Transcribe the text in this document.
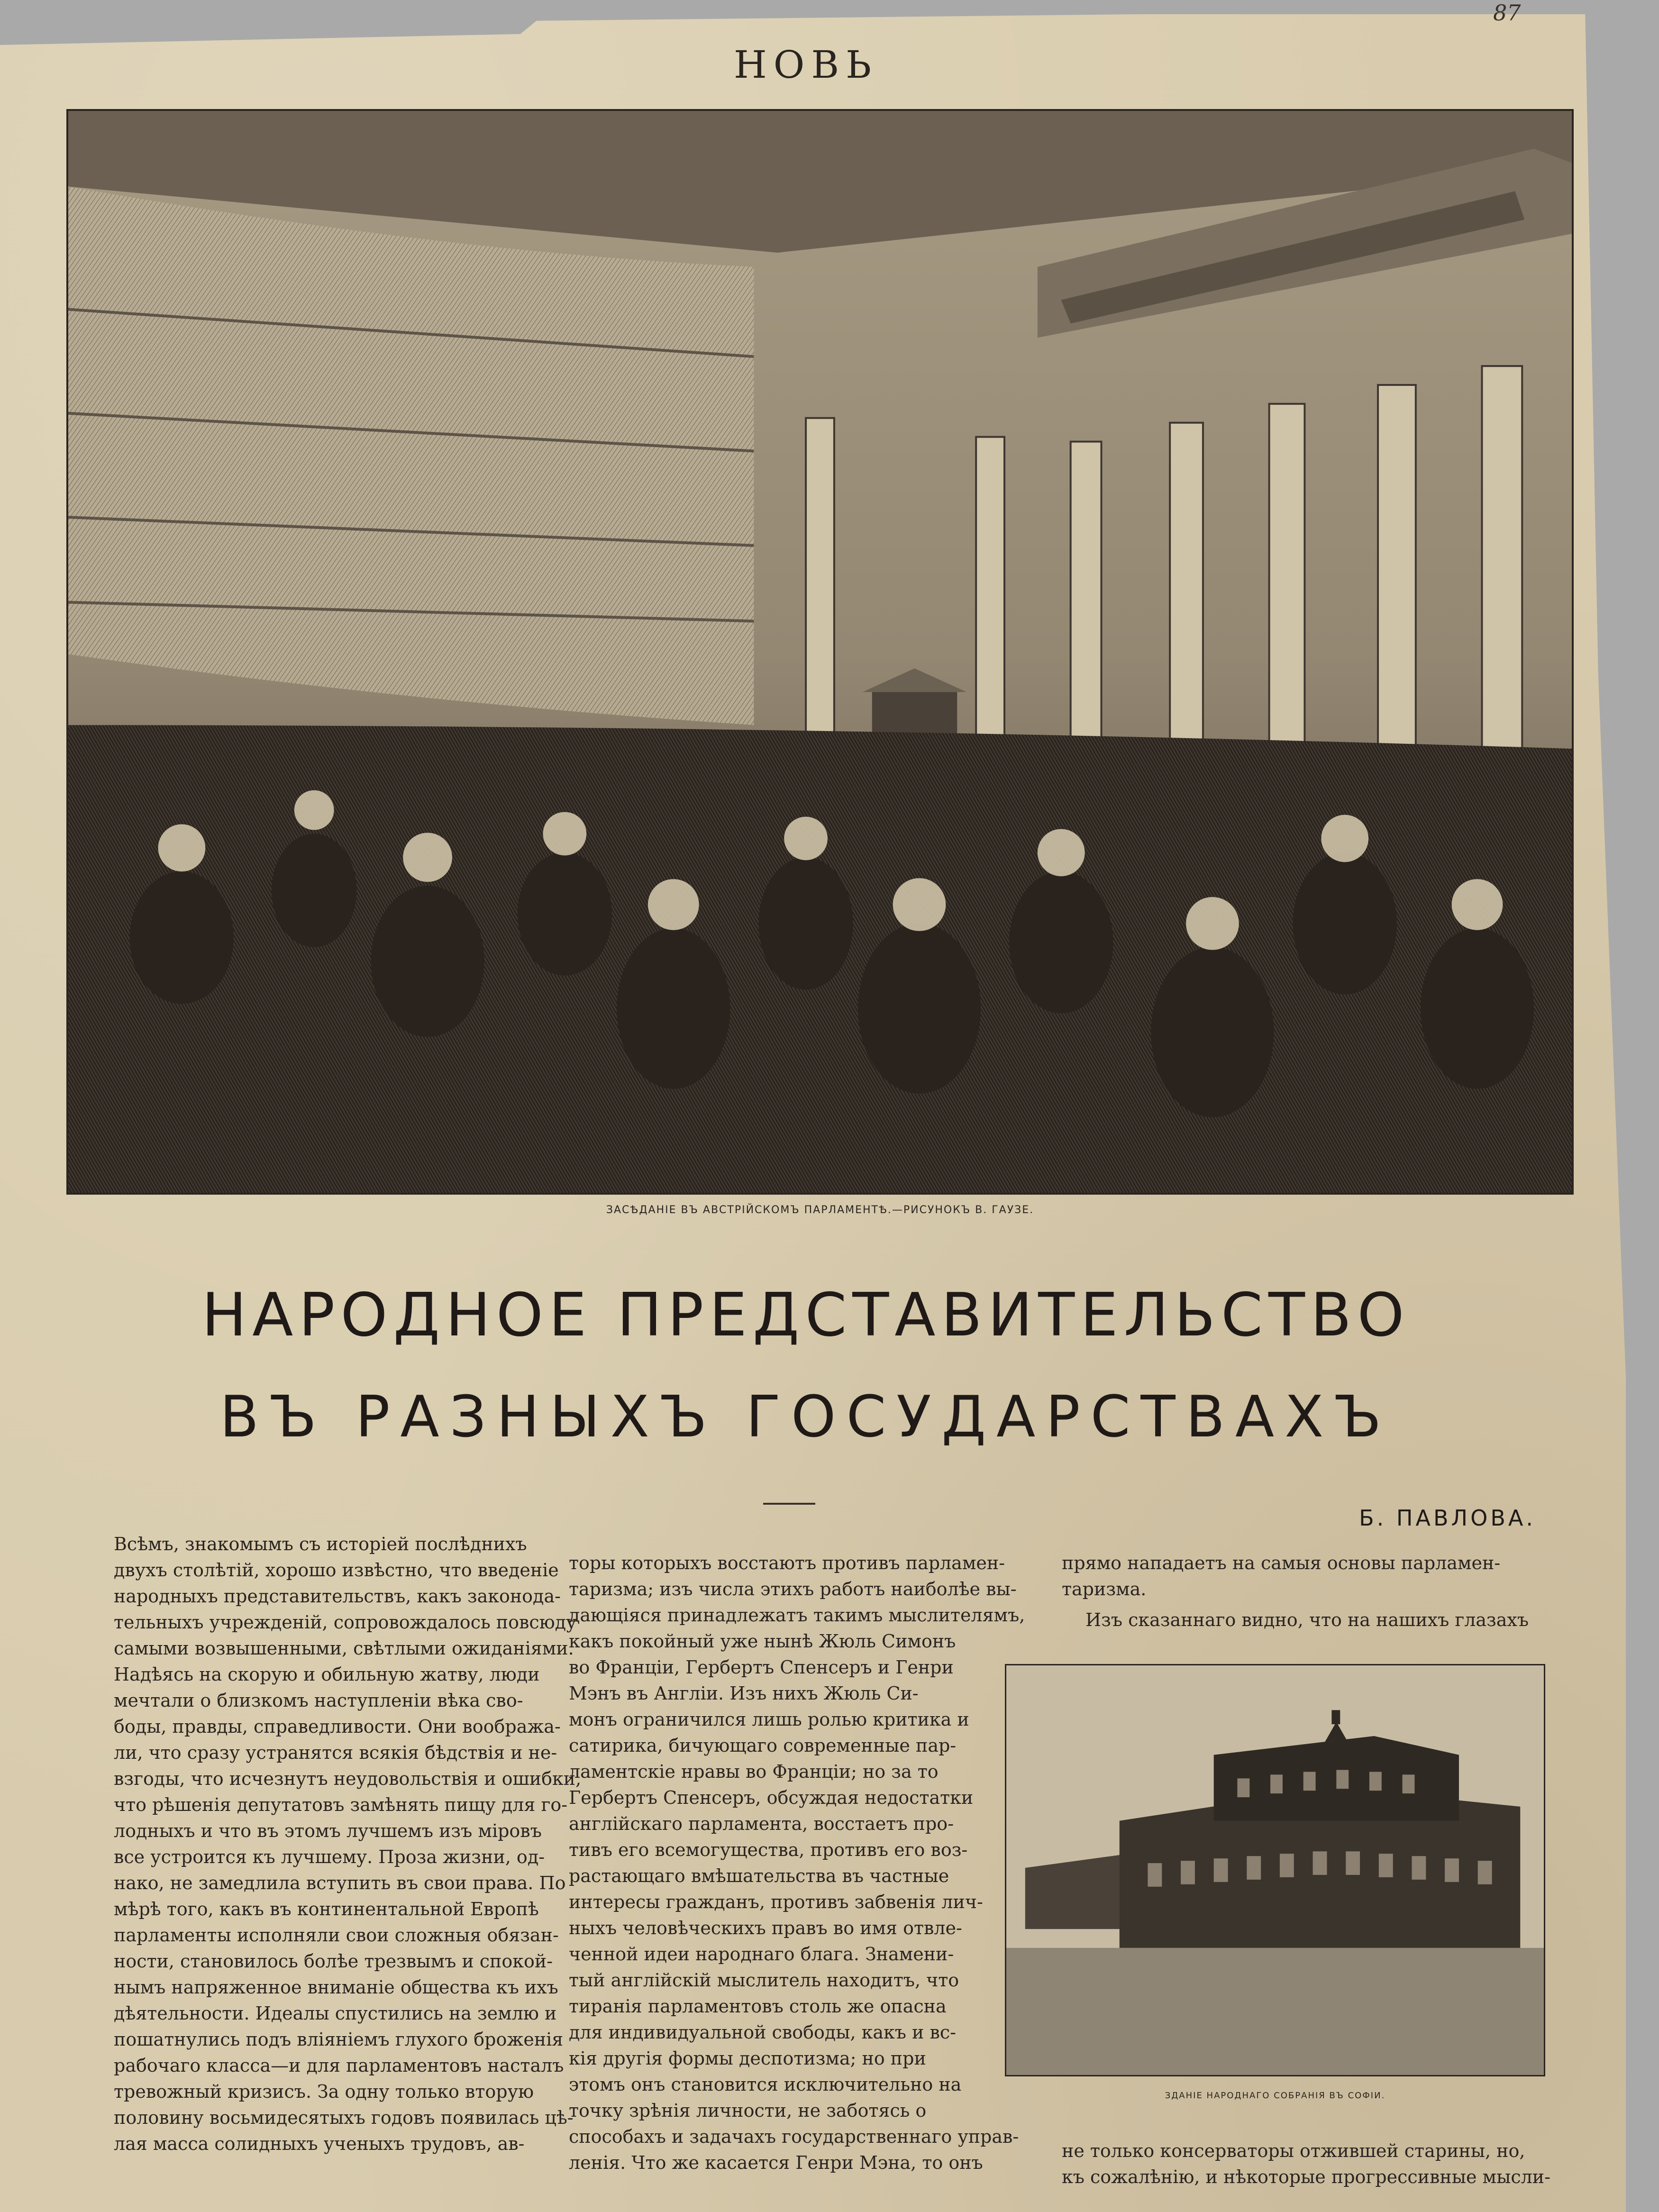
87
НОВЬ
ЗАСѢДАНІЕ ВЪ АВСТРІЙСКОМЪ ПАРЛАМЕНТѢ.—РИСУНОКЪ В. ГАУЗЕ.
НАРОДНОЕ ПРЕДСТАВИТЕЛЬСТВО
ВЪ РАЗНЫХЪ ГОСУДАРСТВАХЪ
Б. ПАВЛОВА.

Всѣмъ, знакомымъ съ исторіей послѣднихъ

двухъ столѣтій, хорошо извѣстно, что введеніе

народныхъ представительствъ, какъ законода-

тельныхъ учрежденій, сопровождалось повсюду

самыми возвышенными, свѣтлыми ожиданіями.

Надѣясь на скорую и обильную жатву, люди

мечтали о близкомъ наступленіи вѣка сво-

боды, правды, справедливости. Они вообража-

ли, что сразу устранятся всякія бѣдствія и не-

взгоды, что исчезнутъ неудовольствія и ошибки,

что рѣшенія депутатовъ замѣнять пищу для го-

лодныхъ и что въ этомъ лучшемъ изъ міровъ

все устроится къ лучшему. Проза жизни, од-

нако, не замедлила вступить въ свои права. По

мѣрѣ того, какъ въ континентальной Европѣ

парламенты исполняли свои сложныя обязан-

ности, становилось болѣе трезвымъ и спокой-

нымъ напряженное вниманіе общества къ ихъ

дѣятельности. Идеалы спустились на землю и

пошатнулись подъ вліяніемъ глухого броженія

рабочаго класса—и для парламентовъ насталъ

тревожный кризисъ. За одну только вторую

половину восьмидесятыхъ годовъ появилась цѣ-

лая масса солидныхъ ученыхъ трудовъ, ав-

торы которыхъ восстаютъ противъ парламен-

таризма; изъ числа этихъ работъ наиболѣе вы-

дающіяся принадлежатъ такимъ мыслителямъ,

какъ покойный уже нынѣ Жюль Симонъ

во Франціи, Гербертъ Спенсеръ и Генри

Мэнъ въ Англіи. Изъ нихъ Жюль Си-

монъ ограничился лишь ролью критика и

сатирика, бичующаго современные пар-

ламентскіе нравы во Франціи; но за то

Гербертъ Спенсеръ, обсуждая недостатки

англійскаго парламента, восстаетъ про-

тивъ его всемогущества, противъ его воз-

растающаго вмѣшательства въ частные

интересы гражданъ, противъ забвенія лич-

ныхъ человѣческихъ правъ во имя отвле-

ченной идеи народнаго блага. Знамени-

тый англійскій мыслитель находитъ, что

тиранія парламентовъ столь же опасна

для индивидуальной свободы, какъ и вс-

кія другія формы деспотизма; но при

этомъ онъ становится исключительно на

точку зрѣнія личности, не заботясь о

способахъ и задачахъ государственнаго управ-

ленія. Что же касается Генри Мэна, то онъ

прямо нападаетъ на самыя основы парламен-

таризма.

Изъ сказаннаго видно, что на нашихъ глазахъ

ЗДАНІЕ НАРОДНАГО СОБРАНІЯ ВЪ СОФІИ.

не только консерваторы отжившей старины, но,

къ сожалѣнію, и нѣкоторые прогрессивные мысли-
